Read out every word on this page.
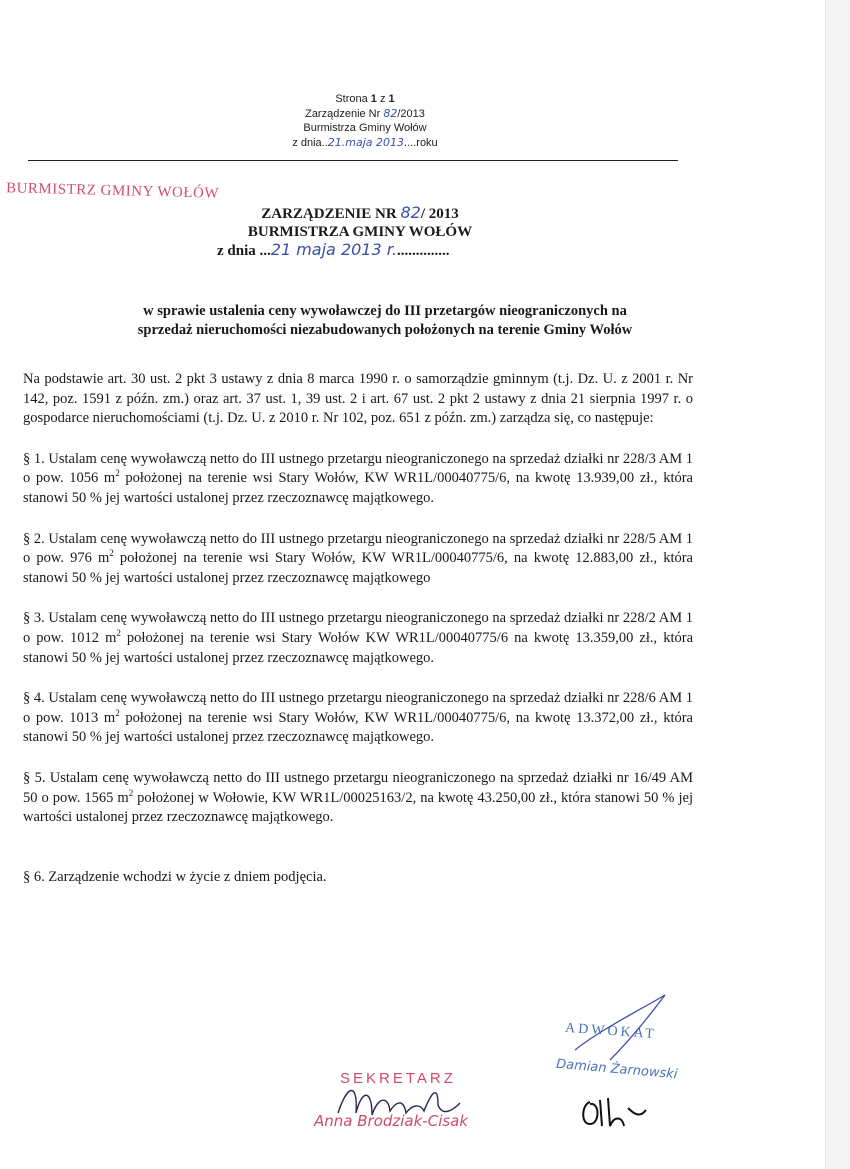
Strona 1 z 1
Zarządzenie Nr 82/2013
Burmistrza Gminy Wołów
z dnia..21.maja 2013....roku
BURMISTRZ GMINY WOŁÓW
ZARZĄDZENIE NR 82/ 2013
BURMISTRZA GMINY WOŁÓW
z dnia ...21 maja 2013 r...............
w sprawie ustalenia ceny wywoławczej do III przetargów nieograniczonych na
sprzedaż nieruchomości niezabudowanych położonych na terenie Gminy Wołów

Na podstawie art. 30 ust. 2 pkt 3 ustawy z dnia 8 marca 1990 r. o samorządzie gminnym (t.j. Dz. U. z 2001 r. Nr 142, poz. 1591 z późn. zm.) oraz art. 37 ust. 1, 39 ust. 2 i art. 67 ust. 2 pkt 2 ustawy z dnia 21 sierpnia 1997 r. o gospodarce nieruchomościami (t.j. Dz. U. z 2010 r. Nr 102, poz. 651 z późn. zm.) zarządza się, co następuje:

§ 1. Ustalam cenę wywoławczą netto do III ustnego przetargu nieograniczonego na sprzedaż działki nr 228/3 AM 1 o pow. 1056 $m^2$ położonej na terenie wsi Stary Wołów, KW WR1L/00040775/6, na kwotę 13.939,00 zł., która stanowi 50 % jej wartości ustalonej przez rzeczoznawcę majątkowego.

§ 2. Ustalam cenę wywoławczą netto do III ustnego przetargu nieograniczonego na sprzedaż działki nr 228/5 AM 1 o pow. 976 $m^2$ położonej na terenie wsi Stary Wołów, KW WR1L/00040775/6, na kwotę 12.883,00 zł., która stanowi 50 % jej wartości ustalonej przez rzeczoznawcę majątkowego

§ 3. Ustalam cenę wywoławczą netto do III ustnego przetargu nieograniczonego na sprzedaż działki nr 228/2 AM 1 o pow. 1012 $m^2$ położonej na terenie wsi Stary Wołów KW WR1L/00040775/6 na kwotę 13.359,00 zł., która stanowi 50 % jej wartości ustalonej przez rzeczoznawcę majątkowego.

§ 4. Ustalam cenę wywoławczą netto do III ustnego przetargu nieograniczonego na sprzedaż działki nr 228/6 AM 1 o pow. 1013 $m^2$ położonej na terenie wsi Stary Wołów, KW WR1L/00040775/6, na kwotę 13.372,00 zł., która stanowi 50 % jej wartości ustalonej przez rzeczoznawcę majątkowego.

§ 5. Ustalam cenę wywoławczą netto do III ustnego przetargu nieograniczonego na sprzedaż działki nr 16/49 AM 50 o pow. 1565 $m^2$ położonej w Wołowie, KW WR1L/00025163/2, na kwotę 43.250,00 zł., która stanowi 50 % jej wartości ustalonej przez rzeczoznawcę majątkowego.

§ 6. Zarządzenie wchodzi w życie z dniem podjęcia.

ADWOKAT
Damian Żarnowski
SEKRETARZ
Anna Brodziak-Cisak
